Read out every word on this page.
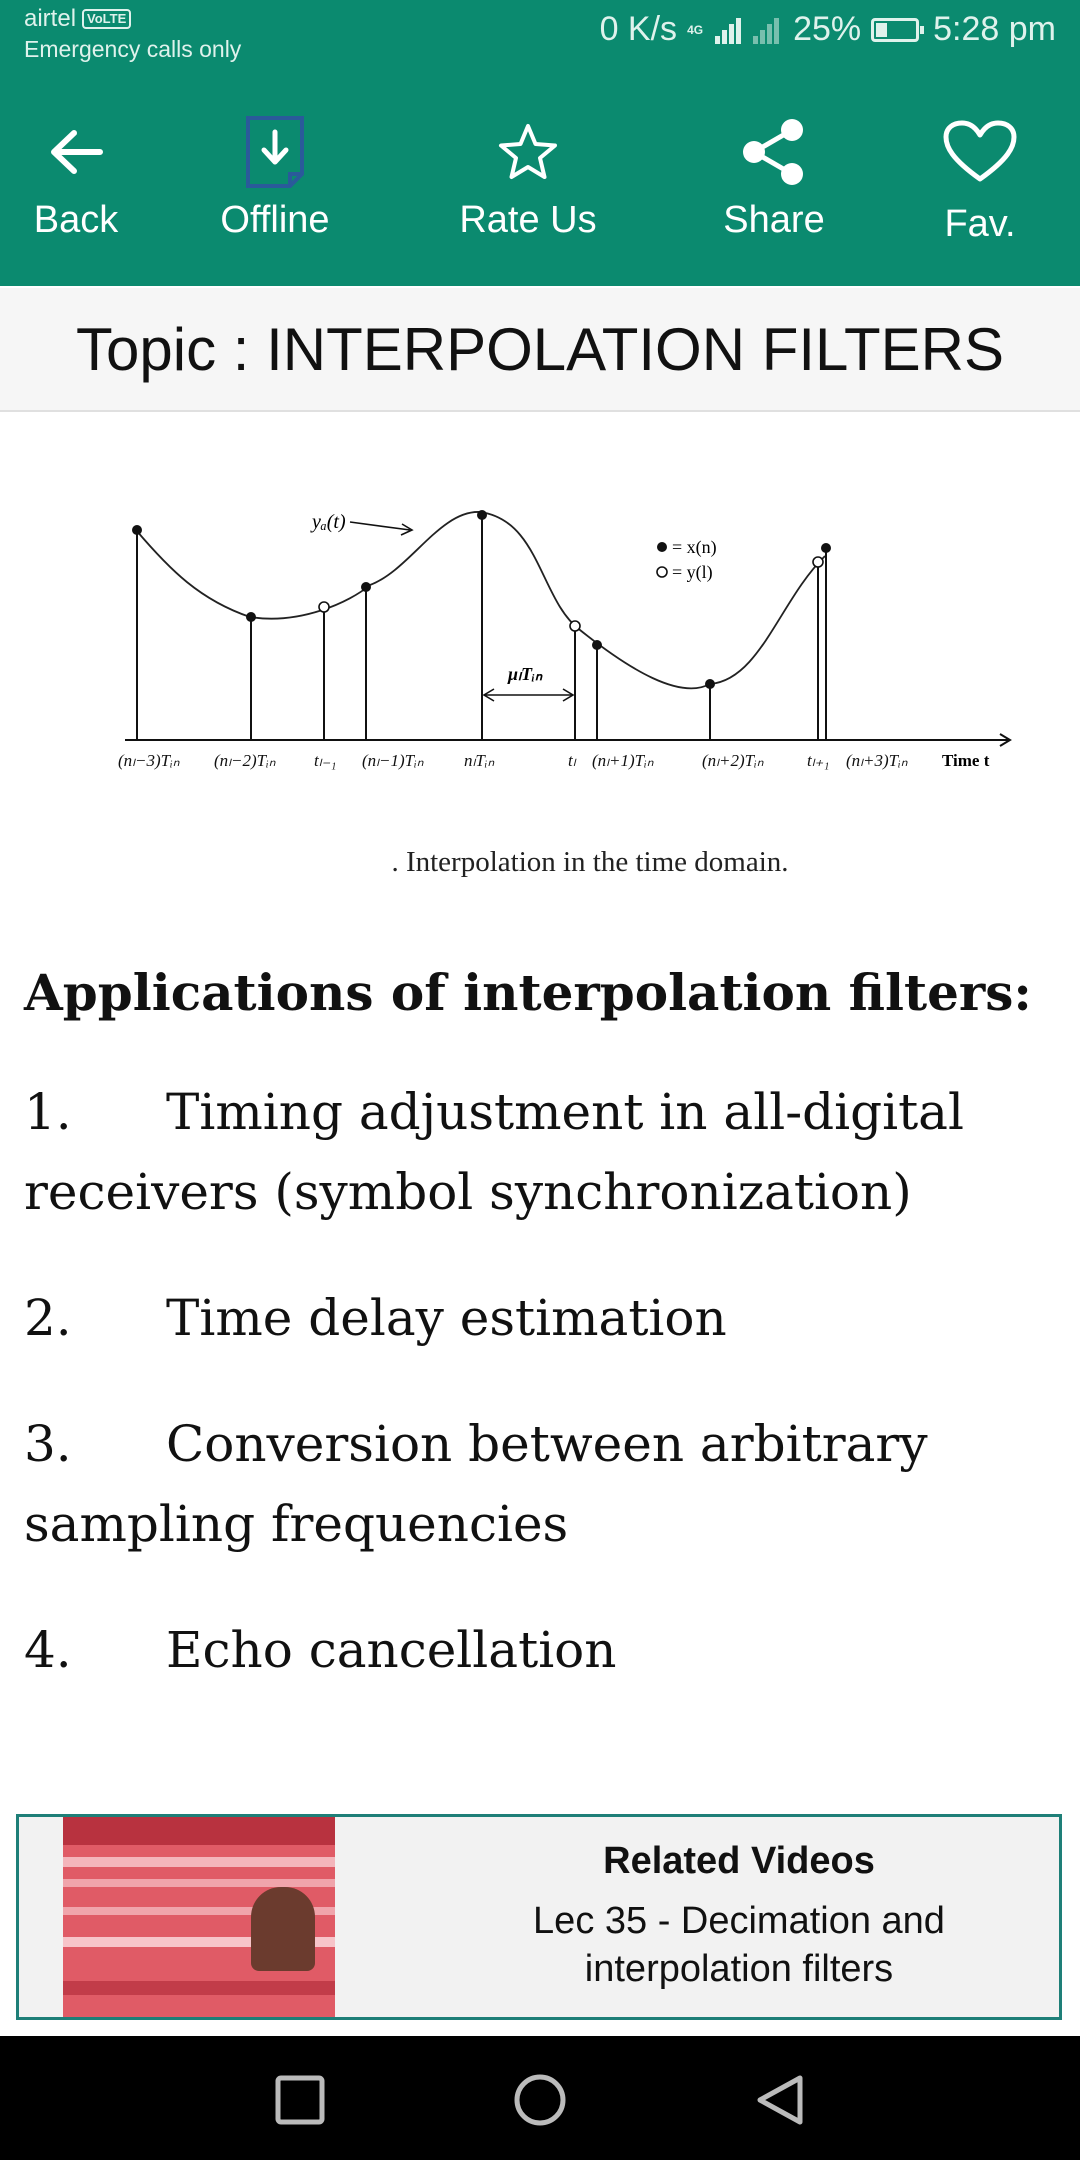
airtel VoLTE
Emergency calls only
0 K/s 4G	25% 5:28 pm
Back	Offline	Rate Us	Share	Fav.
Topic : INTERPOLATION FILTERS
yₐ(t)
= x(n)
= y(l)
μₗTᵢₙ
(nₗ−3)Tᵢₙ (nₗ−2)Tᵢₙ tₗ₋₁ (nₗ−1)Tᵢₙ nₗTᵢₙ	tₗ (nₗ+1)Tᵢₙ	(nₗ+2)Tᵢₙ	tₗ₊₁ (nₗ+3)Tᵢₙ Time t
. Interpolation in the time domain.
Applications of interpolation filters:
1. Timing adjustment in all-digital receivers (symbol synchronization)
2. Time delay estimation
3. Conversion between arbitrary sampling frequencies
4. Echo cancellation
Related Videos
Lec 35 - Decimation and interpolation filters
